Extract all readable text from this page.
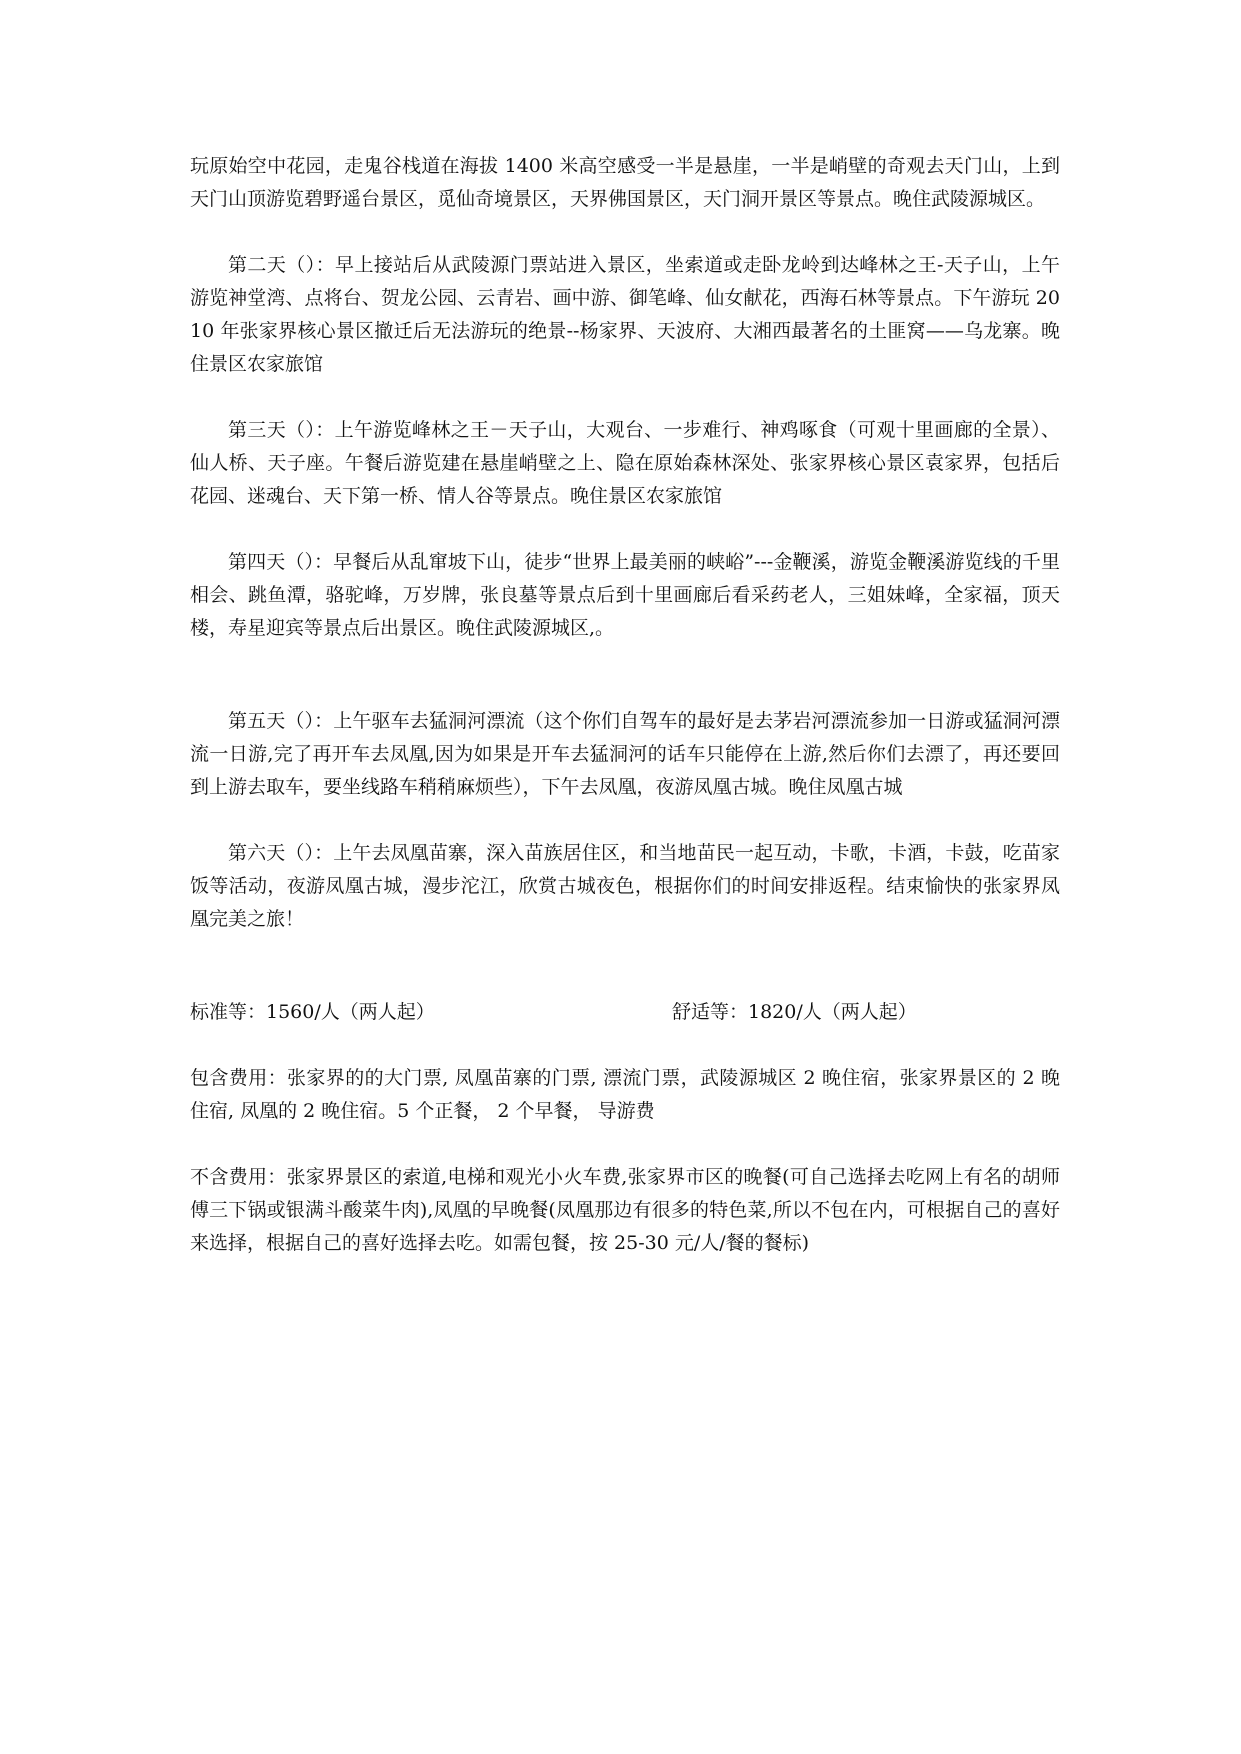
玩原始空中花园，走鬼谷栈道在海拔 1400 米高空感受一半是悬崖，一半是峭壁的奇观去天门山，上到天门山顶游览碧野遥台景区，觅仙奇境景区，天界佛国景区，天门洞开景区等景点。晚住武陵源城区。

第二天（）：早上接站后从武陵源门票站进入景区，坐索道或走卧龙岭到达峰林之王-天子山，上午游览神堂湾、点将台、贺龙公园、云青岩、画中游、御笔峰、仙女献花，西海石林等景点。下午游玩 2010 年张家界核心景区撤迁后无法游玩的绝景--杨家界、天波府、大湘西最著名的土匪窝——乌龙寨。晚住景区农家旅馆

第三天（）：上午游览峰林之王－天子山，大观台、一步难行、神鸡啄食（可观十里画廊的全景）、仙人桥、天子座。午餐后游览建在悬崖峭壁之上、隐在原始森林深处、张家界核心景区袁家界，包括后花园、迷魂台、天下第一桥、情人谷等景点。晚住景区农家旅馆

第四天（）：早餐后从乱窜坡下山，徒步“世界上最美丽的峡峪”---金鞭溪，游览金鞭溪游览线的千里相会、跳鱼潭，骆驼峰，万岁牌，张良墓等景点后到十里画廊后看采药老人，三姐妹峰，全家福，顶天楼，寿星迎宾等景点后出景区。晚住武陵源城区,。

第五天（）：上午驱车去猛洞河漂流（这个你们自驾车的最好是去茅岩河漂流参加一日游或猛洞河漂流一日游,完了再开车去凤凰,因为如果是开车去猛洞河的话车只能停在上游,然后你们去漂了，再还要回到上游去取车，要坐线路车稍稍麻烦些），下午去凤凰，夜游凤凰古城。晚住凤凰古城

第六天（）：上午去凤凰苗寨，深入苗族居住区，和当地苗民一起互动，卡歌，卡酒，卡鼓，吃苗家饭等活动，夜游凤凰古城，漫步沱江，欣赏古城夜色，根据你们的时间安排返程。结束愉快的张家界凤凰完美之旅！

标准等：1560/人（两人起）	舒适等：1820/人（两人起）

包含费用：张家界的的大门票, 凤凰苗寨的门票, 漂流门票，武陵源城区 2 晚住宿，张家界景区的 2 晚住宿, 凤凰的 2 晚住宿。5 个正餐， 2 个早餐， 导游费

不含费用：张家界景区的索道,电梯和观光小火车费,张家界市区的晚餐(可自己选择去吃网上有名的胡师傅三下锅或银满斗酸菜牛肉),凤凰的早晚餐(凤凰那边有很多的特色菜,所以不包在内，可根据自己的喜好来选择，根据自己的喜好选择去吃。如需包餐，按 25-30 元/人/餐的餐标)
